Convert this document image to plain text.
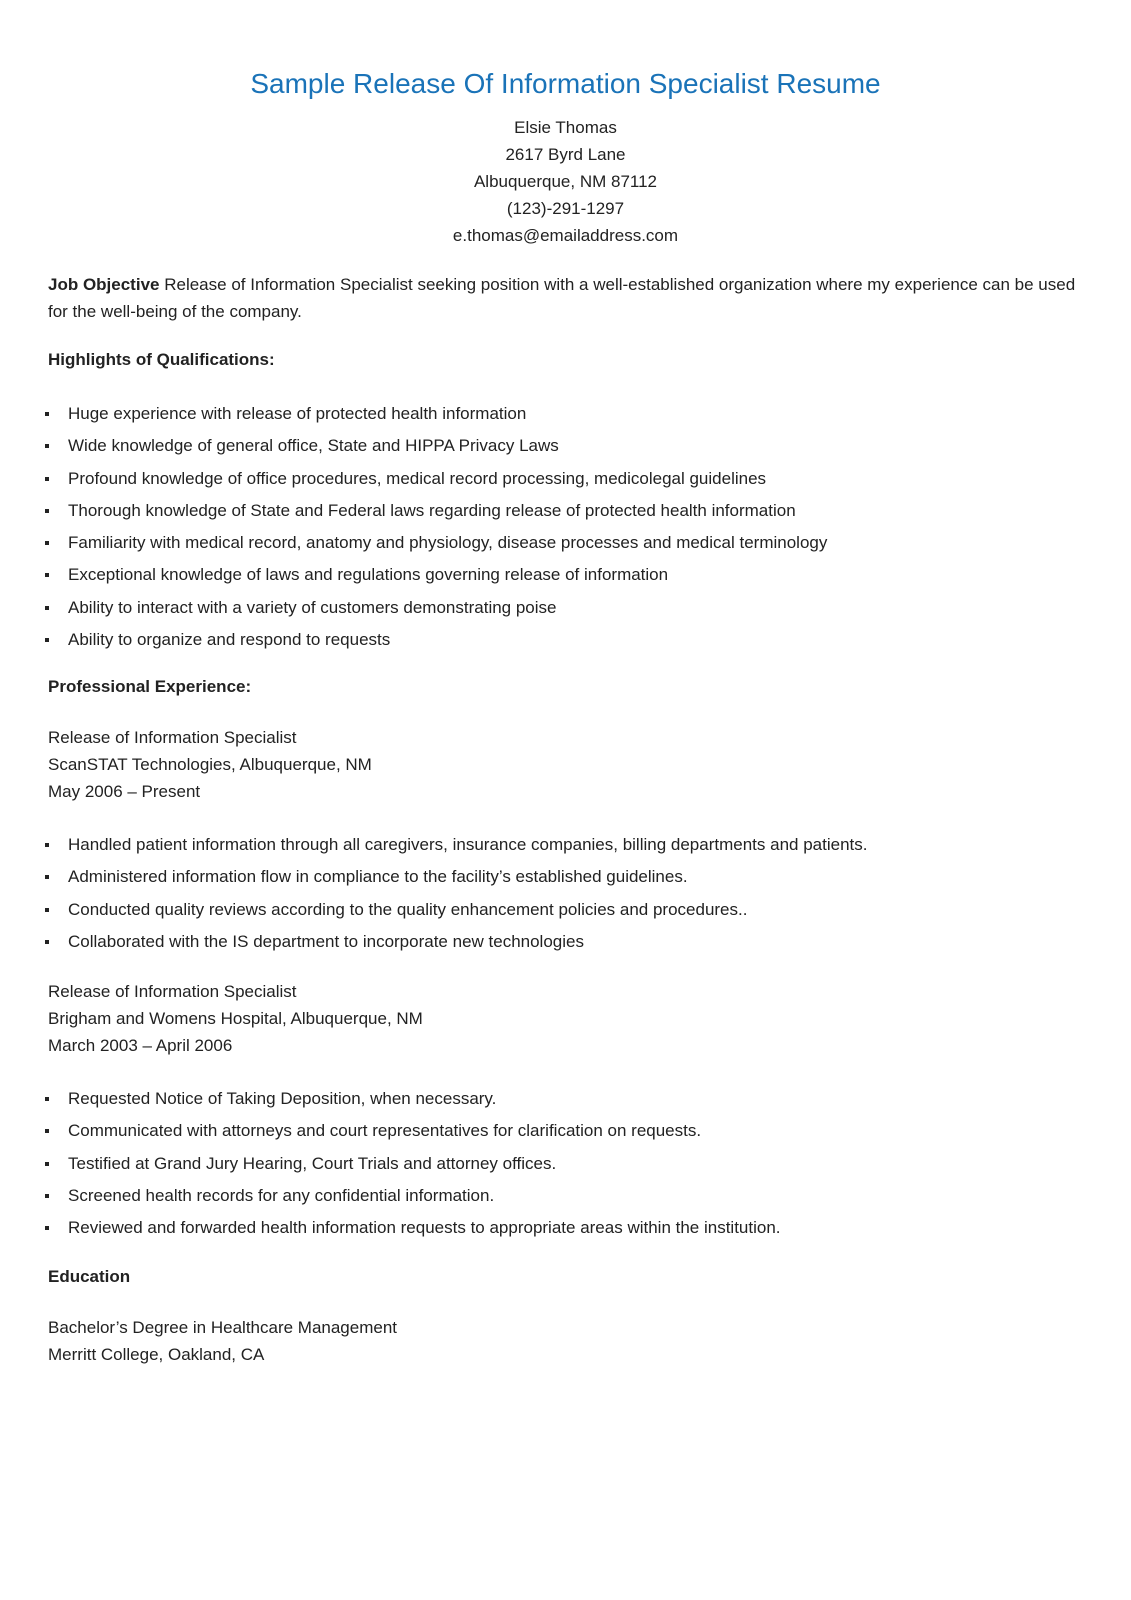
Sample Release Of Information Specialist Resume
Elsie Thomas
2617 Byrd Lane
Albuquerque, NM 87112
(123)-291-1297
e.thomas@emailaddress.com
Job Objective Release of Information Specialist seeking position with a well-established organization where my experience can be used for the well-being of the company.
Highlights of Qualifications:
Huge experience with release of protected health information
Wide knowledge of general office, State and HIPPA Privacy Laws
Profound knowledge of office procedures, medical record processing, medicolegal guidelines
Thorough knowledge of State and Federal laws regarding release of protected health information
Familiarity with medical record, anatomy and physiology, disease processes and medical terminology
Exceptional knowledge of laws and regulations governing release of information
Ability to interact with a variety of customers demonstrating poise
Ability to organize and respond to requests
Professional Experience:
Release of Information Specialist
ScanSTAT Technologies, Albuquerque, NM
May 2006 – Present
Handled patient information through all caregivers, insurance companies, billing departments and patients.
Administered information flow in compliance to the facility’s established guidelines.
Conducted quality reviews according to the quality enhancement policies and procedures..
Collaborated with the IS department to incorporate new technologies
Release of Information Specialist
Brigham and Womens Hospital, Albuquerque, NM
March 2003 – April 2006
Requested Notice of Taking Deposition, when necessary.
Communicated with attorneys and court representatives for clarification on requests.
Testified at Grand Jury Hearing, Court Trials and attorney offices.
Screened health records for any confidential information.
Reviewed and forwarded health information requests to appropriate areas within the institution.
Education
Bachelor’s Degree in Healthcare Management
Merritt College, Oakland, CA
